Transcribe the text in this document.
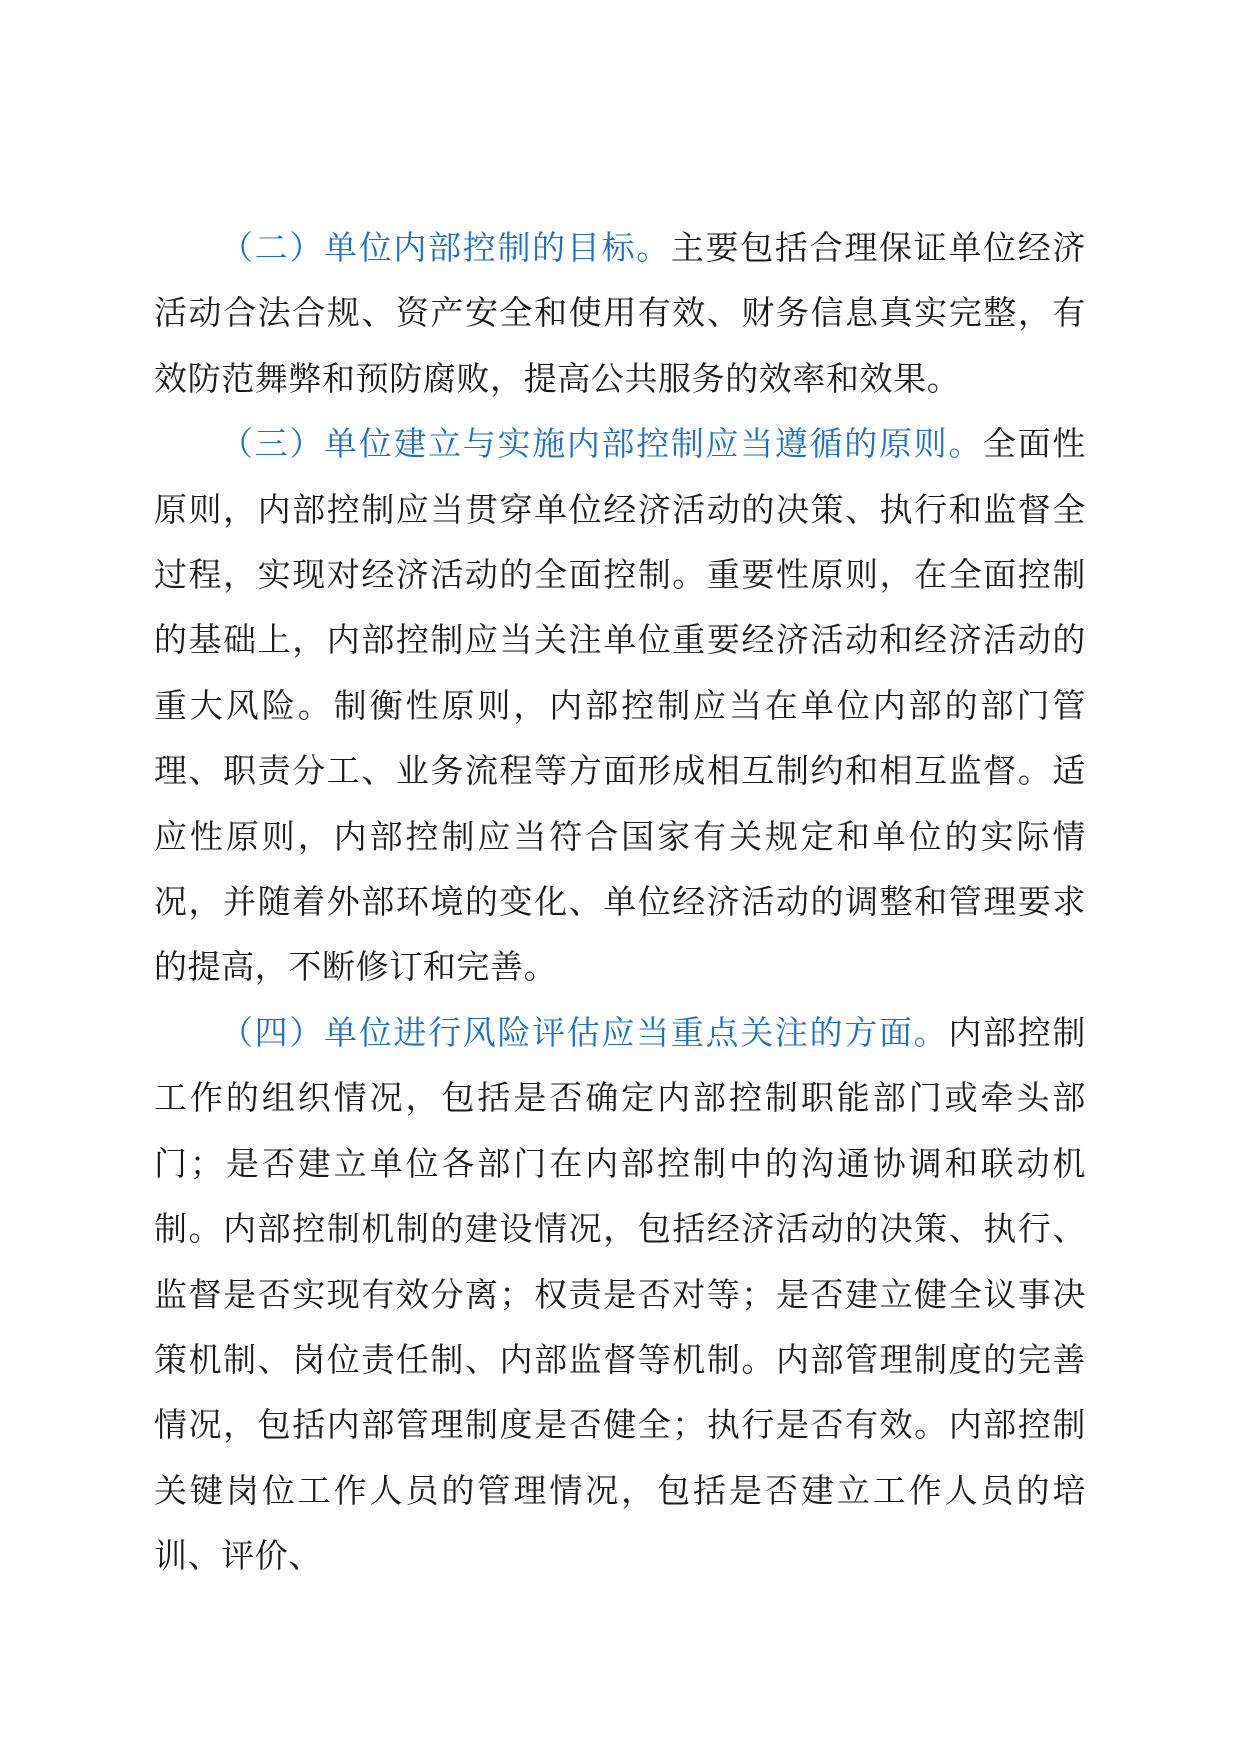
（二）单位内部控制的目标。主要包括合理保证单位经济活动合法合规、资产安全和使用有效、财务信息真实完整，有效防范舞弊和预防腐败，提高公共服务的效率和效果。

（三）单位建立与实施内部控制应当遵循的原则。全面性原则，内部控制应当贯穿单位经济活动的决策、执行和监督全过程，实现对经济活动的全面控制。重要性原则，在全面控制的基础上，内部控制应当关注单位重要经济活动和经济活动的重大风险。制衡性原则，内部控制应当在单位内部的部门管理、职责分工、业务流程等方面形成相互制约和相互监督。适应性原则，内部控制应当符合国家有关规定和单位的实际情况，并随着外部环境的变化、单位经济活动的调整和管理要求的提高，不断修订和完善。

（四）单位进行风险评估应当重点关注的方面。内部控制工作的组织情况，包括是否确定内部控制职能部门或牵头部门；是否建立单位各部门在内部控制中的沟通协调和联动机制。内部控制机制的建设情况，包括经济活动的决策、执行、监督是否实现有效分离；权责是否对等；是否建立健全议事决策机制、岗位责任制、内部监督等机制。内部管理制度的完善情况，包括内部管理制度是否健全；执行是否有效。内部控制关键岗位工作人员的管理情况，包括是否建立工作人员的培训、评价、
